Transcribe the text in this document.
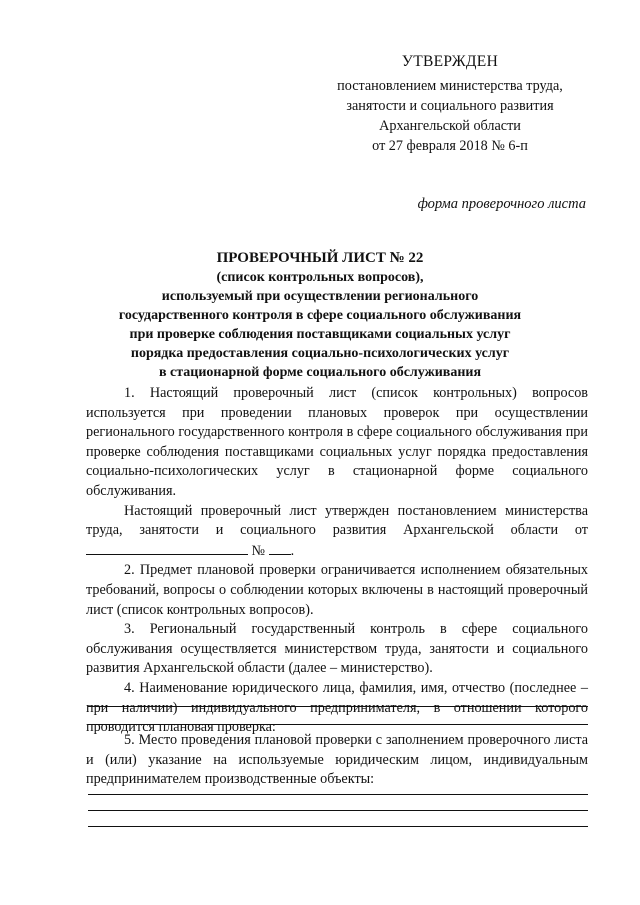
УТВЕРЖДЕН
постановлением министерства труда,
занятости и социального развития
Архангельской области
от 27 февраля 2018 № 6-п
форма проверочного листа
ПРОВЕРОЧНЫЙ ЛИСТ № 22
(список контрольных вопросов),
используемый при осуществлении регионального
государственного контроля в сфере социального обслуживания
при проверке соблюдения поставщиками социальных услуг
порядка предоставления социально-психологических услуг
в стационарной форме социального обслуживания

1. Настоящий проверочный лист (список контрольных) вопросов используется при проведении плановых проверок при осуществлении регионального государственного контроля в сфере социального обслуживания при проверке соблюдения поставщиками социальных услуг порядка предоставления социально-психологических услуг в стационарной форме социального обслуживания.

Настоящий проверочный лист утвержден постановлением министерства труда, занятости и социального развития Архангельской области от  № .

2. Предмет плановой проверки ограничивается исполнением обязательных требований, вопросы о соблюдении которых включены в настоящий проверочный лист (список контрольных вопросов).

3. Региональный государственный контроль в сфере социального обслуживания осуществляется министерством труда, занятости и социального развития Архангельской области (далее – министерство).

4. Наименование юридического лица, фамилия, имя, отчество (последнее – при наличии) индивидуального предпринимателя, в отношении которого проводится плановая проверка:

5. Место проведения плановой проверки с заполнением проверочного листа и (или) указание на используемые юридическим лицом, индивидуальным предпринимателем производственные объекты:
